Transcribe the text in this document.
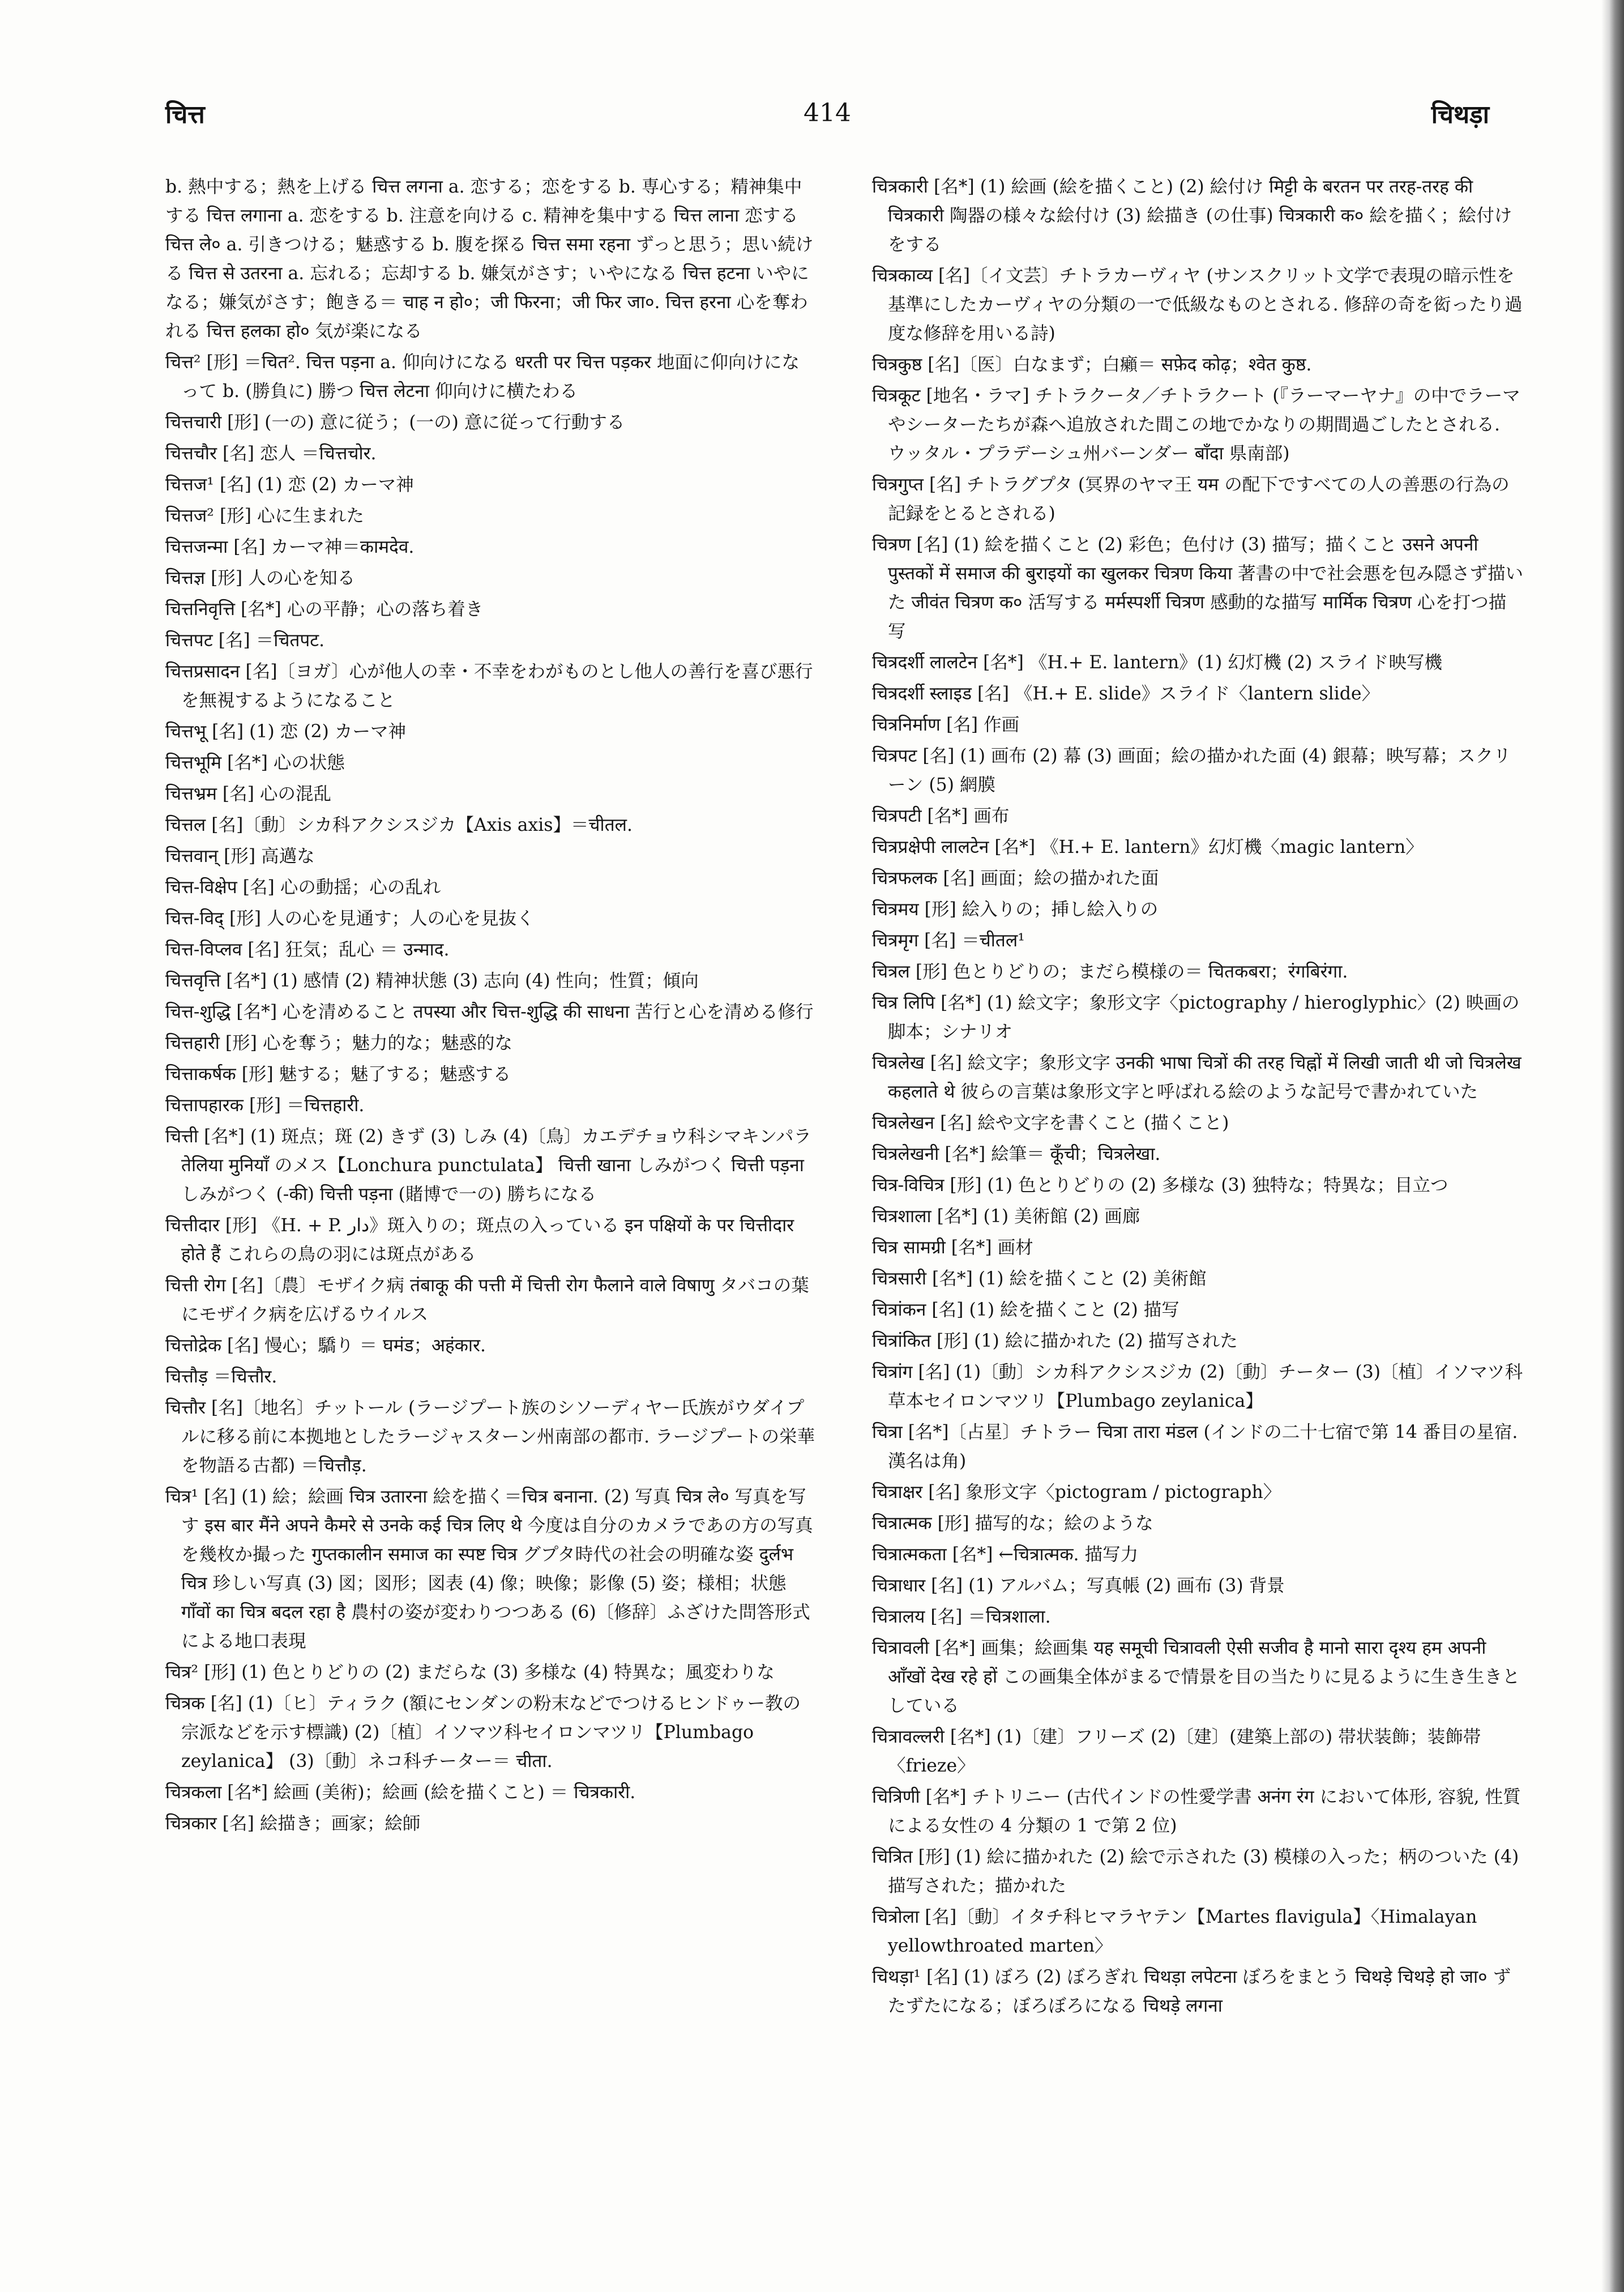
चित्त	414	चिथड़ा

b. 熱中する；熱を上げる चित्त लगना a. 恋する；恋をする b. 専心する；精神集中する चित्त लगाना a. 恋をする b. 注意を向ける c. 精神を集中する चित्त लाना 恋する चित्त ले० a. 引きつける；魅惑する b. 腹を探る चित्त समा रहना ずっと思う；思い続ける चित्त से उतरना a. 忘れる；忘却する b. 嫌気がさす；いやになる चित्त हटना いやになる；嫌気がさす；飽きる＝ चाह न हो०；जी फिरना；जी फिर जा०. चित्त हरना 心を奪われる चित्त हलका हो० 気が楽になる

चित्त² [形] ＝चित². चित्त पड़ना a. 仰向けになる धरती पर चित्त पड़कर 地面に仰向けになって b. (勝負に) 勝つ चित्त लेटना 仰向けに横たわる

चित्तचारी [形] (一の) 意に従う；(一の) 意に従って行動する

चित्तचौर [名] 恋人 ＝चित्तचोर.

चित्तज¹ [名] (1) 恋 (2) カーマ神

चित्तज² [形] 心に生まれた

चित्तजन्मा [名] カーマ神＝कामदेव.

चित्तज्ञ [形] 人の心を知る

चित्तनिवृत्ति [名*] 心の平静；心の落ち着き

चित्तपट [名] ＝चितपट.

चित्तप्रसादन [名]〔ヨガ〕心が他人の幸・不幸をわがものとし他人の善行を喜び悪行を無視するようになること

चित्तभू [名] (1) 恋 (2) カーマ神

चित्तभूमि [名*] 心の状態

चित्तभ्रम [名] 心の混乱

चित्तल [名]〔動〕シカ科アクシスジカ【Axis axis】＝चीतल.

चित्तवान् [形] 高邁な

चित्त-विक्षेप [名] 心の動揺；心の乱れ

चित्त-विद् [形] 人の心を見通す；人の心を見抜く

चित्त-विप्लव [名] 狂気；乱心 ＝ उन्माद.

चित्तवृत्ति [名*] (1) 感情 (2) 精神状態 (3) 志向 (4) 性向；性質；傾向

चित्त-शुद्धि [名*] 心を清めること तपस्या और चित्त-शुद्धि की साधना 苦行と心を清める修行

चित्तहारी [形] 心を奪う；魅力的な；魅惑的な

चित्ताकर्षक [形] 魅する；魅了する；魅惑する

चित्तापहारक [形] ＝चित्तहारी.

चित्ती [名*] (1) 斑点；斑 (2) きず (3) しみ (4)〔鳥〕カエデチョウ科シマキンパラ तेलिया मुनियाँ のメス【Lonchura punctulata】 चित्ती खाना しみがつく चित्ती पड़ना しみがつく (-की) चित्ती पड़ना (賭博で一の) 勝ちになる

चित्तीदार [形] 《H. + P. دار》斑入りの；斑点の入っている इन पक्षियों के पर चित्तीदार होते हैं これらの鳥の羽には斑点がある

चित्ती रोग [名]〔農〕モザイク病 तंबाकू की पत्ती में चित्ती रोग फैलाने वाले विषाणु タバコの葉にモザイク病を広げるウイルス

चित्तोद्रेक [名] 慢心；驕り ＝ घमंड；अहंकार.

चित्तौड़ ＝चित्तौर.

चित्तौर [名]〔地名〕チットール (ラージプート族のシソーディヤー氏族がウダイプルに移る前に本拠地としたラージャスターン州南部の都市. ラージプートの栄華を物語る古都) ＝चित्तौड़.

चित्र¹ [名] (1) 絵；絵画 चित्र उतारना 絵を描く＝चित्र बनाना. (2) 写真 चित्र ले० 写真を写す इस बार मैंने अपने कैमरे से उनके कई चित्र लिए थे 今度は自分のカメラであの方の写真を幾枚か撮った गुप्तकालीन समाज का स्पष्ट चित्र グプタ時代の社会の明確な姿 दुर्लभ चित्र 珍しい写真 (3) 図；図形；図表 (4) 像；映像；影像 (5) 姿；様相；状態 गाँवों का चित्र बदल रहा है 農村の姿が変わりつつある (6)〔修辞〕ふざけた問答形式による地口表現

चित्र² [形] (1) 色とりどりの (2) まだらな (3) 多様な (4) 特異な；風変わりな

चित्रक [名] (1)〔ヒ〕ティラク (額にセンダンの粉末などでつけるヒンドゥー教の宗派などを示す標識) (2)〔植〕イソマツ科セイロンマツリ【Plumbago zeylanica】 (3)〔動〕ネコ科チーター＝ चीता.

चित्रकला [名*] 絵画 (美術)；絵画 (絵を描くこと) ＝ चित्रकारी.

चित्रकार [名] 絵描き；画家；絵師

चित्रकारी [名*] (1) 絵画 (絵を描くこと) (2) 絵付け मिट्टी के बरतन पर तरह-तरह की चित्रकारी 陶器の様々な絵付け (3) 絵描き (の仕事) चित्रकारी क० 絵を描く；絵付けをする

चित्रकाव्य [名]〔イ文芸〕チトラカーヴィヤ (サンスクリット文学で表現の暗示性を基準にしたカーヴィヤの分類の一で低級なものとされる. 修辞の奇を衒ったり過度な修辞を用いる詩)

चित्रकुष्ठ [名]〔医〕白なまず；白癩＝ सफ़ेद कोढ़；श्वेत कुष्ठ.

चित्रकूट [地名・ラマ] チトラクータ／チトラクート (『ラーマーヤナ』の中でラーマやシーターたちが森へ追放された間この地でかなりの期間過ごしたとされる. ウッタル・プラデーシュ州バーンダー बाँदा 県南部)

चित्रगुप्त [名] チトラグプタ (冥界のヤマ王 यम の配下ですべての人の善悪の行為の記録をとるとされる)

चित्रण [名] (1) 絵を描くこと (2) 彩色；色付け (3) 描写；描くこと उसने अपनी पुस्तकों में समाज की बुराइयों का खुलकर चित्रण किया 著書の中で社会悪を包み隠さず描いた जीवंत चित्रण क० 活写する मर्मस्पर्शी चित्रण 感動的な描写 मार्मिक चित्रण 心を打つ描写

चित्रदर्शी लालटेन [名*] 《H.+ E. lantern》(1) 幻灯機 (2) スライド映写機

चित्रदर्शी स्लाइड [名] 《H.+ E. slide》スライド〈lantern slide〉

चित्रनिर्माण [名] 作画

चित्रपट [名] (1) 画布 (2) 幕 (3) 画面；絵の描かれた面 (4) 銀幕；映写幕；スクリーン (5) 網膜

चित्रपटी [名*] 画布

चित्रप्रक्षेपी लालटेन [名*] 《H.+ E. lantern》幻灯機〈magic lantern〉

चित्रफलक [名] 画面；絵の描かれた面

चित्रमय [形] 絵入りの；挿し絵入りの

चित्रमृग [名] ＝चीतल¹

चित्रल [形] 色とりどりの；まだら模様の＝ चितकबरा；रंगबिरंगा.

चित्र लिपि [名*] (1) 絵文字；象形文字〈pictography / hieroglyphic〉(2) 映画の脚本；シナリオ

चित्रलेख [名] 絵文字；象形文字 उनकी भाषा चित्रों की तरह चिह्नों में लिखी जाती थी जो चित्रलेख कहलाते थे 彼らの言葉は象形文字と呼ばれる絵のような記号で書かれていた

चित्रलेखन [名] 絵や文字を書くこと (描くこと)

चित्रलेखनी [名*] 絵筆＝ कूँची；चित्रलेखा.

चित्र-विचित्र [形] (1) 色とりどりの (2) 多様な (3) 独特な；特異な；目立つ

चित्रशाला [名*] (1) 美術館 (2) 画廊

चित्र सामग्री [名*] 画材

चित्रसारी [名*] (1) 絵を描くこと (2) 美術館

चित्रांकन [名] (1) 絵を描くこと (2) 描写

चित्रांकित [形] (1) 絵に描かれた (2) 描写された

चित्रांग [名] (1)〔動〕シカ科アクシスジカ (2)〔動〕チーター (3)〔植〕イソマツ科草本セイロンマツリ【Plumbago zeylanica】

चित्रा [名*]〔占星〕チトラー चित्रा तारा मंडल (インドの二十七宿で第 14 番目の星宿. 漢名は角)

चित्राक्षर [名] 象形文字〈pictogram / pictograph〉

चित्रात्मक [形] 描写的な；絵のような

चित्रात्मकता [名*] ←चित्रात्मक. 描写力

चित्राधार [名] (1) アルバム；写真帳 (2) 画布 (3) 背景

चित्रालय [名] ＝चित्रशाला.

चित्रावली [名*] 画集；絵画集 यह समूची चित्रावली ऐसी सजीव है मानो सारा दृश्य हम अपनी आँखों देख रहे हों この画集全体がまるで情景を目の当たりに見るように生き生きとしている

चित्रावल्लरी [名*] (1)〔建〕フリーズ (2)〔建〕(建築上部の) 帯状装飾；装飾帯〈frieze〉

चित्रिणी [名*] チトリニー (古代インドの性愛学書 अनंग रंग において体形, 容貌, 性質による女性の 4 分類の 1 で第 2 位)

चित्रित [形] (1) 絵に描かれた (2) 絵で示された (3) 模様の入った；柄のついた (4) 描写された；描かれた

चित्रोला [名]〔動〕イタチ科ヒマラヤテン【Martes flavigula】〈Himalayan yellowthroated marten〉

चिथड़ा¹ [名] (1) ぼろ (2) ぼろぎれ चिथड़ा लपेटना ぼろをまとう चिथड़े चिथड़े हो जा० ずたずたになる；ぼろぼろになる चिथड़े लगना
